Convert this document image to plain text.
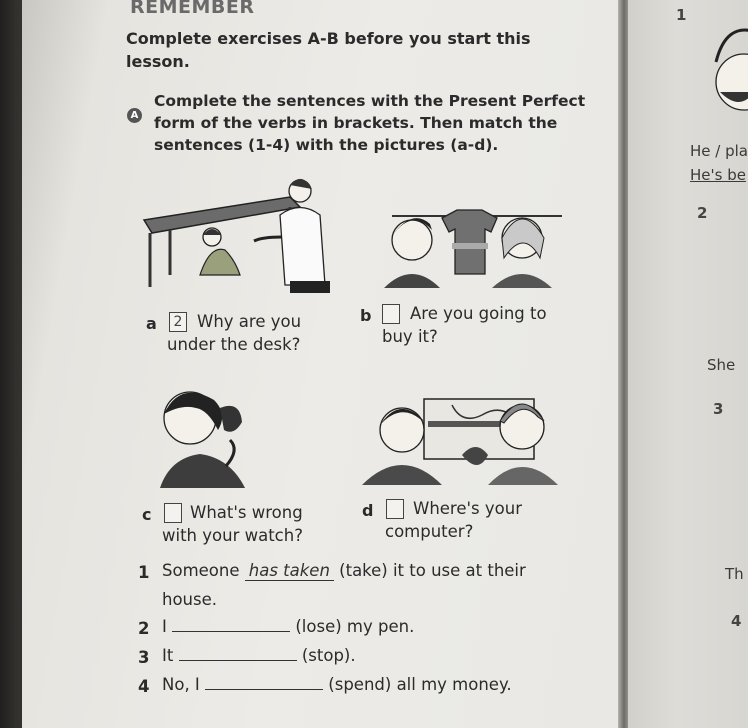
REMEMBER
Complete exercises A-B before you start this lesson.
A
Complete the sentences with the Present Perfect form of the verbs in brackets. Then match the sentences (1-4) with the pictures (a-d).
a	2 Why are you under the desk?
b	Are you going to buy it?
c	What's wrong with your watch?
d	Where's your computer?
1 Someone has taken (take) it to use at their
house.
2 I	(lose) my pen.
3 It	(stop).
4 No, I	(spend) all my money.
1
He / pla
He's be
2
She
3
Th
4
